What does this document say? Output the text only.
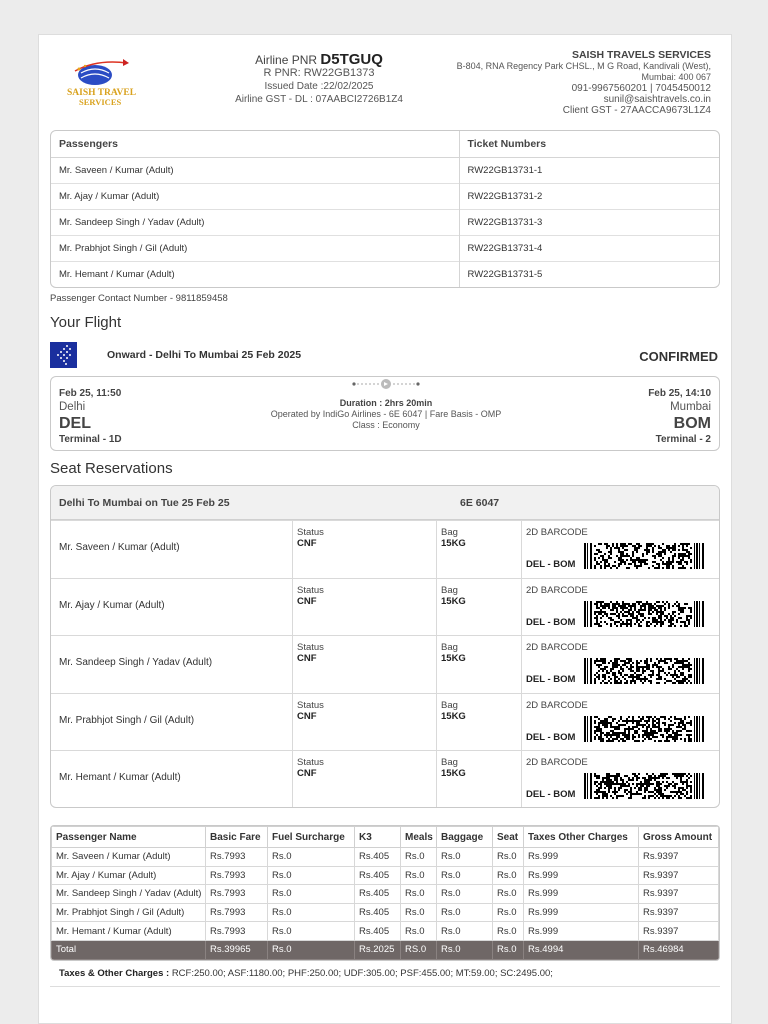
SAISH TRAVEL
SERVICES
Airline PNR D5TGUQ
R PNR: RW22GB1373
Issued Date :22/02/2025
Airline GST - DL : 07AABCI2726B1Z4
SAISH TRAVELS SERVICES
B-804, RNA Regency Park CHSL., M G Road, Kandivali (West),
Mumbai: 400 067
091-9967560201 | 7045450012
sunil@saishtravels.co.in
Client GST - 27AACCA9673L1Z4
Passengers	Ticket Numbers
Mr. Saveen / Kumar (Adult)	RW22GB13731-1
Mr. Ajay / Kumar (Adult)	RW22GB13731-2
Mr. Sandeep Singh / Yadav (Adult)	RW22GB13731-3
Mr. Prabhjot Singh / Gil (Adult)	RW22GB13731-4
Mr. Hemant / Kumar (Adult)	RW22GB13731-5
Passenger Contact Number - 9811859458
Your Flight
Onward - Delhi To Mumbai 25 Feb 2025	CONFIRMED
Feb 25, 11:50
Delhi
DEL
Terminal - 1D
Duration : 2hrs 20min
Operated by IndiGo Airlines - 6E 6047 | Fare Basis - OMP
Class : Economy
Feb 25, 14:10
Mumbai
BOM
Terminal - 2
Seat Reservations
Delhi To Mumbai on Tue 25 Feb 25	6E 6047
Mr. Saveen / Kumar (Adult)
Status
CNF
Bag
15KG
2D BARCODE
DEL - BOM
Mr. Ajay / Kumar (Adult)
Status
CNF
Bag
15KG
2D BARCODE
DEL - BOM
Mr. Sandeep Singh / Yadav (Adult)
Status
CNF
Bag
15KG
2D BARCODE
DEL - BOM
Mr. Prabhjot Singh / Gil (Adult)
Status
CNF
Bag
15KG
2D BARCODE
DEL - BOM
Mr. Hemant / Kumar (Adult)
Status
CNF
Bag
15KG
2D BARCODE
DEL - BOM
Passenger Name	Basic Fare	Fuel Surcharge	K3	Meals	Baggage	Seat	Taxes Other Charges	Gross Amount
Mr. Saveen / Kumar (Adult)	Rs.7993	Rs.0	Rs.405	Rs.0	Rs.0	Rs.0	Rs.999	Rs.9397
Mr. Ajay / Kumar (Adult)	Rs.7993	Rs.0	Rs.405	Rs.0	Rs.0	Rs.0	Rs.999	Rs.9397
Mr. Sandeep Singh / Yadav (Adult)	Rs.7993	Rs.0	Rs.405	Rs.0	Rs.0	Rs.0	Rs.999	Rs.9397
Mr. Prabhjot Singh / Gil (Adult)	Rs.7993	Rs.0	Rs.405	Rs.0	Rs.0	Rs.0	Rs.999	Rs.9397
Mr. Hemant / Kumar (Adult)	Rs.7993	Rs.0	Rs.405	Rs.0	Rs.0	Rs.0	Rs.999	Rs.9397
Total	Rs.39965	Rs.0	Rs.2025	RS.0	Rs.0	Rs.0	Rs.4994	Rs.46984
Taxes & Other Charges : RCF:250.00; ASF:1180.00; PHF:250.00; UDF:305.00; PSF:455.00; MT:59.00; SC:2495.00;
